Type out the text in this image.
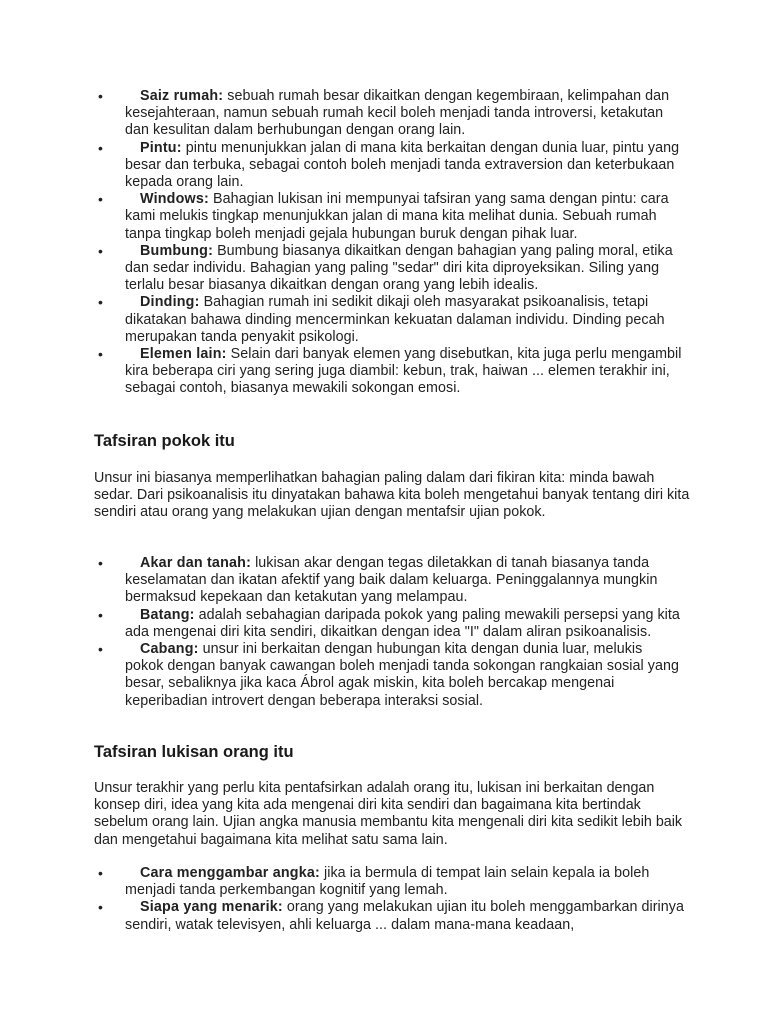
•	Saiz rumah: sebuah rumah besar dikaitkan dengan kegembiraan, kelimpahan dan kesejahteraan, namun sebuah rumah kecil boleh menjadi tanda introversi, ketakutan dan kesulitan dalam berhubungan dengan orang lain.
•	Pintu: pintu menunjukkan jalan di mana kita berkaitan dengan dunia luar, pintu yang besar dan terbuka, sebagai contoh boleh menjadi tanda extraversion dan keterbukaan kepada orang lain.
•	Windows: Bahagian lukisan ini mempunyai tafsiran yang sama dengan pintu: cara kami melukis tingkap menunjukkan jalan di mana kita melihat dunia. Sebuah rumah tanpa tingkap boleh menjadi gejala hubungan buruk dengan pihak luar.
•	Bumbung: Bumbung biasanya dikaitkan dengan bahagian yang paling moral, etika dan sedar individu. Bahagian yang paling "sedar" diri kita diproyeksikan. Siling yang terlalu besar biasanya dikaitkan dengan orang yang lebih idealis.
•	Dinding: Bahagian rumah ini sedikit dikaji oleh masyarakat psikoanalisis, tetapi dikatakan bahawa dinding mencerminkan kekuatan dalaman individu. Dinding pecah merupakan tanda penyakit psikologi.
•	Elemen lain: Selain dari banyak elemen yang disebutkan, kita juga perlu mengambil kira beberapa ciri yang sering juga diambil: kebun, trak, haiwan ... elemen terakhir ini, sebagai contoh, biasanya mewakili sokongan emosi.
Tafsiran pokok itu

Unsur ini biasanya memperlihatkan bahagian paling dalam dari fikiran kita: minda bawah sedar. Dari psikoanalisis itu dinyatakan bahawa kita boleh mengetahui banyak tentang diri kita sendiri atau orang yang melakukan ujian dengan mentafsir ujian pokok.

•	Akar dan tanah: lukisan akar dengan tegas diletakkan di tanah biasanya tanda keselamatan dan ikatan afektif yang baik dalam keluarga. Peninggalannya mungkin bermaksud kepekaan dan ketakutan yang melampau.
•	Batang: adalah sebahagian daripada pokok yang paling mewakili persepsi yang kita ada mengenai diri kita sendiri, dikaitkan dengan idea "I" dalam aliran psikoanalisis.
•	Cabang: unsur ini berkaitan dengan hubungan kita dengan dunia luar, melukis pokok dengan banyak cawangan boleh menjadi tanda sokongan rangkaian sosial yang besar, sebaliknya jika kaca Ábrol agak miskin, kita boleh bercakap mengenai keperibadian introvert dengan beberapa interaksi sosial.
Tafsiran lukisan orang itu

Unsur terakhir yang perlu kita pentafsirkan adalah orang itu, lukisan ini berkaitan dengan konsep diri, idea yang kita ada mengenai diri kita sendiri dan bagaimana kita bertindak sebelum orang lain. Ujian angka manusia membantu kita mengenali diri kita sedikit lebih baik dan mengetahui bagaimana kita melihat satu sama lain.

•	Cara menggambar angka: jika ia bermula di tempat lain selain kepala ia boleh menjadi tanda perkembangan kognitif yang lemah.
•	Siapa yang menarik: orang yang melakukan ujian itu boleh menggambarkan dirinya sendiri, watak televisyen, ahli keluarga ... dalam mana-mana keadaan,
